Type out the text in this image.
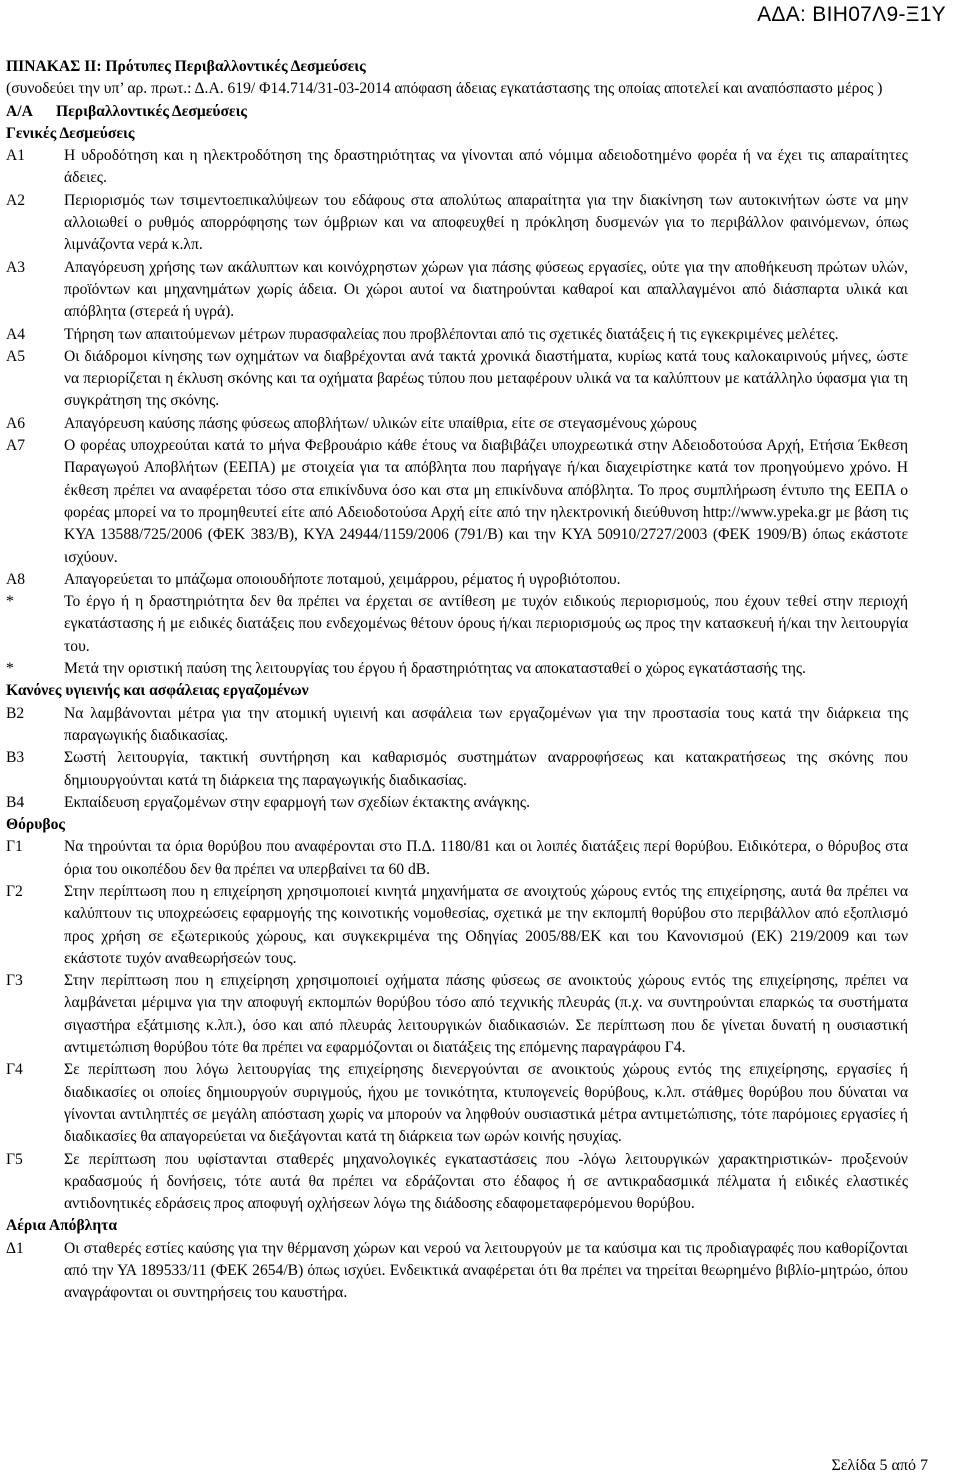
ΑΔΑ: ΒΙΗ07Λ9-Ξ1Υ
ΠΙΝΑΚΑΣ ΙΙ: Πρότυπες Περιβαλλοντικές Δεσμεύσεις
(συνοδεύει την υπ’ αρ. πρωτ.: Δ.Α. 619/ Φ14.714/31-03-2014 απόφαση άδειας εγκατάστασης της οποίας αποτελεί και αναπόσπαστο μέρος )
Α/Α	Περιβαλλοντικές Δεσμεύσεις
Γενικές Δεσμεύσεις
Α1	Η υδροδότηση και η ηλεκτροδότηση της δραστηριότητας να γίνονται από νόμιμα αδειοδοτημένο φορέα ή να έχει τις απαραίτητες άδειες.
Α2	Περιορισμός των τσιμεντοεπικαλύψεων του εδάφους στα απολύτως απαραίτητα για την διακίνηση των αυτοκινήτων ώστε να μην αλλοιωθεί ο ρυθμός απορρόφησης των όμβριων και να αποφευχθεί η πρόκληση δυσμενών για το περιβάλλον φαινόμενων, όπως λιμνάζοντα νερά κ.λπ.
Α3	Απαγόρευση χρήσης των ακάλυπτων και κοινόχρηστων χώρων για πάσης φύσεως εργασίες, ούτε για την αποθήκευση πρώτων υλών, προϊόντων και μηχανημάτων χωρίς άδεια. Οι χώροι αυτοί να διατηρούνται καθαροί και απαλλαγμένοι από διάσπαρτα υλικά και απόβλητα (στερεά ή υγρά).
Α4	Τήρηση των απαιτούμενων μέτρων πυρασφαλείας που προβλέπονται από τις σχετικές διατάξεις ή τις εγκεκριμένες μελέτες.
Α5	Οι διάδρομοι κίνησης των οχημάτων να διαβρέχονται ανά τακτά χρονικά διαστήματα, κυρίως κατά τους καλοκαιρινούς μήνες, ώστε να περιορίζεται η έκλυση σκόνης και τα οχήματα βαρέως τύπου που μεταφέρουν υλικά να τα καλύπτουν με κατάλληλο ύφασμα για τη συγκράτηση της σκόνης.
Α6	Απαγόρευση καύσης πάσης φύσεως αποβλήτων/ υλικών είτε υπαίθρια, είτε σε στεγασμένους χώρους
Α7	Ο φορέας υποχρεούται κατά το μήνα Φεβρουάριο κάθε έτους να διαβιβάζει υποχρεωτικά στην Αδειοδοτούσα Αρχή, Ετήσια Έκθεση Παραγωγού Αποβλήτων (ΕΕΠΑ) με στοιχεία για τα απόβλητα που παρήγαγε ή/και διαχειρίστηκε κατά τον προηγούμενο χρόνο. Η έκθεση πρέπει να αναφέρεται τόσο στα επικίνδυνα όσο και στα μη επικίνδυνα απόβλητα. Το προς συμπλήρωση έντυπο της ΕΕΠΑ ο φορέας μπορεί να το προμηθευτεί είτε από Αδειοδοτούσα Αρχή είτε από την ηλεκτρονική διεύθυνση http://www.ypeka.gr με βάση τις ΚΥΑ 13588/725/2006 (ΦΕΚ 383/Β), ΚΥΑ 24944/1159/2006 (791/Β) και την ΚΥΑ 50910/2727/2003 (ΦΕΚ 1909/Β) όπως εκάστοτε ισχύουν.
Α8	Απαγορεύεται το μπάζωμα οποιουδήποτε ποταμού, χειμάρρου, ρέματος ή υγροβιότοπου.
*	Το έργο ή η δραστηριότητα δεν θα πρέπει να έρχεται σε αντίθεση με τυχόν ειδικούς περιορισμούς, που έχουν τεθεί στην περιοχή εγκατάστασης ή με ειδικές διατάξεις που ενδεχομένως θέτουν όρους ή/και περιορισμούς ως προς την κατασκευή ή/και την λειτουργία του.
*	Μετά την οριστική παύση της λειτουργίας του έργου ή δραστηριότητας να αποκατασταθεί ο χώρος εγκατάστασής της.
Κανόνες υγιεινής και ασφάλειας εργαζομένων
Β2	Να λαμβάνονται μέτρα για την ατομική υγιεινή και ασφάλεια των εργαζομένων για την προστασία τους κατά την διάρκεια της παραγωγικής διαδικασίας.
Β3	Σωστή λειτουργία, τακτική συντήρηση και καθαρισμός συστημάτων αναρροφήσεως και κατακρατήσεως της σκόνης που δημιουργούνται κατά τη διάρκεια της παραγωγικής διαδικασίας.
Β4	Εκπαίδευση εργαζομένων στην εφαρμογή των σχεδίων έκτακτης ανάγκης.
Θόρυβος
Γ1	Να τηρούνται τα όρια θορύβου που αναφέρονται στο Π.Δ. 1180/81 και οι λοιπές διατάξεις περί θορύβου. Ειδικότερα, ο θόρυβος στα όρια του οικοπέδου δεν θα πρέπει να υπερβαίνει τα 60 dB.
Γ2	Στην περίπτωση που η επιχείρηση χρησιμοποιεί κινητά μηχανήματα σε ανοιχτούς χώρους εντός της επιχείρησης, αυτά θα πρέπει να καλύπτουν τις υποχρεώσεις εφαρμογής της κοινοτικής νομοθεσίας, σχετικά με την εκπομπή θορύβου στο περιβάλλον από εξοπλισμό προς χρήση σε εξωτερικούς χώρους, και συγκεκριμένα της Οδηγίας 2005/88/ΕΚ και του Κανονισμού (ΕΚ) 219/2009 και των εκάστοτε τυχόν αναθεωρήσεών τους.
Γ3	Στην περίπτωση που η επιχείρηση χρησιμοποιεί οχήματα πάσης φύσεως σε ανοικτούς χώρους εντός της επιχείρησης, πρέπει να λαμβάνεται μέριμνα για την αποφυγή εκπομπών θορύβου τόσο από τεχνικής πλευράς (π.χ. να συντηρούνται επαρκώς τα συστήματα σιγαστήρα εξάτμισης κ.λπ.), όσο και από πλευράς λειτουργικών διαδικασιών. Σε περίπτωση που δε γίνεται δυνατή η ουσιαστική αντιμετώπιση θορύβου τότε θα πρέπει να εφαρμόζονται οι διατάξεις της επόμενης παραγράφου Γ4.
Γ4	Σε περίπτωση που λόγω λειτουργίας της επιχείρησης διενεργούνται σε ανοικτούς χώρους εντός της επιχείρησης, εργασίες ή διαδικασίες οι οποίες δημιουργούν συριγμούς, ήχου με τονικότητα, κτυπογενείς θορύβους, κ.λπ. στάθμες θορύβου που δύναται να γίνονται αντιληπτές σε μεγάλη απόσταση χωρίς να μπορούν να ληφθούν ουσιαστικά μέτρα αντιμετώπισης, τότε παρόμοιες εργασίες ή διαδικασίες θα απαγορεύεται να διεξάγονται κατά τη διάρκεια των ωρών κοινής ησυχίας.
Γ5	Σε περίπτωση που υφίστανται σταθερές μηχανολογικές εγκαταστάσεις που -λόγω λειτουργικών χαρακτηριστικών- προξενούν κραδασμούς ή δονήσεις, τότε αυτά θα πρέπει να εδράζονται στο έδαφος ή σε αντικραδασμικά πέλματα ή ειδικές ελαστικές αντιδονητικές εδράσεις προς αποφυγή οχλήσεων λόγω της διάδοσης εδαφομεταφερόμενου θορύβου.
Αέρια Απόβλητα
Δ1	Οι σταθερές εστίες καύσης για την θέρμανση χώρων και νερού να λειτουργούν με τα καύσιμα και τις προδιαγραφές που καθορίζονται από την ΥΑ 189533/11 (ΦΕΚ 2654/Β) όπως ισχύει. Ενδεικτικά αναφέρεται ότι θα πρέπει να τηρείται θεωρημένο βιβλίο-μητρώο, όπου αναγράφονται οι συντηρήσεις του καυστήρα.
Σελίδα 5 από 7
